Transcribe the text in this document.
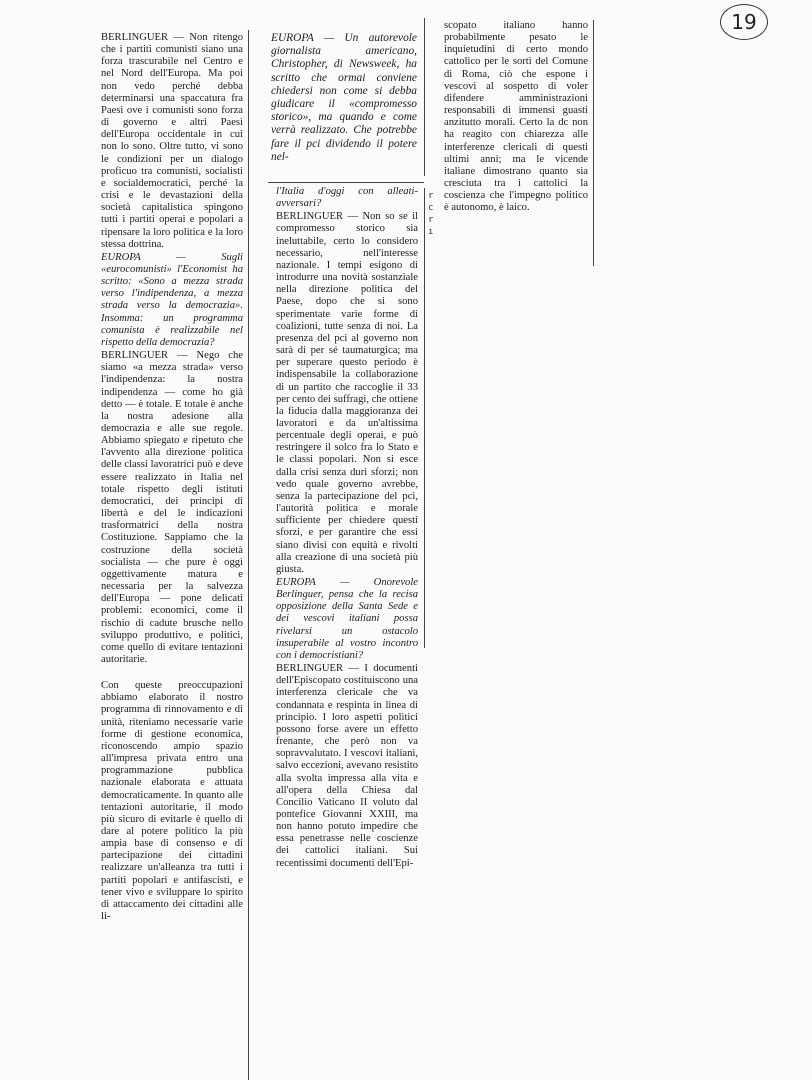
19
r
c
r
ı

BERLINGUER — Non ritengo che i partiti comunisti siano una forza trascurabile nel Centro e nel Nord dell'Europa. Ma poi non vedo perché debba determinarsi una spaccatura fra Paesi ove i comunisti sono forza di governo e altri Paesi dell'Europa occidentale in cui non lo sono. Oltre tutto, vi sono le condizioni per un dialogo proficuo tra comunisti, socialisti e socialdemocratici, perché la crisi e le devastazioni della società capitalistica spingono tutti i partiti operai e popolari a ripensare la loro politica e la loro stessa dottrina.

EUROPA — Sugli «eurocomunisti» l'Economist ha scritto: «Sono a mezza strada verso l'indipendenza, a mezza strada verso la democrazia». Insomma: un programma comunista è realizzabile nel rispetto della democrazia?

BERLINGUER — Nego che siamo «a mezza strada» verso l'indipendenza: la nostra indipendenza — come ho già detto — è totale. E totale è anche la nostra adesione alla democrazia e alle sue regole. Abbiamo spiegato e ripetuto che l'avvento alla direzione politica delle classi lavoratrici può e deve essere realizzato in Italia nel totale rispetto degli istituti democratici, dei principi di libertà e del le indicazioni trasformatrici della nostra Costituzione. Sappiamo che la costruzione della società socialista — che pure è oggi oggettivamente matura e necessaria per la salvezza dell'Europa — pone delicati problemi: economici, come il rischio di cadute brusche nello sviluppo produttivo, e politici, come quello di evitare tentazioni autoritarie.

Con queste preoccupazioni abbiamo elaborato il nostro programma di rinnovamento e di unità, riteniamo necessarie varie forme di gestione economica, riconoscendo ampio spazio all'impresa privata entro una programmazione pubblica nazionale elaborata e attuata democraticamente. In quanto alle tentazioni autoritarie, il modo più sicuro di evitarle è quello di dare al potere politico la più ampia base di consenso e di partecipazione dei cittadini realizzare un'alleanza tra tutti i partiti popolari e antifascisti, e tener vivo e sviluppare lo spirito di attaccamento dei cittadini alle li-

EUROPA — Un autorevole giornalista americano, Christopher, di Newsweek, ha scritto che ormai conviene chiedersi non come si debba giudicare il «compromesso storico», ma quando e come verrà realizzato. Che potrebbe fare il pci dividendo il potere nel-

l'Italia d'oggi con alleati-avversari?

BERLINGUER — Non so se il compromesso storico sia ineluttabile, certo lo considero necessario, nell'interesse nazionale. I tempi esigono di introdurre una novità sostanziale nella direzione politica del Paese, dopo che si sono sperimentate varie forme di coalizioni, tutte senza di noi. La presenza del pci al governo non sarà di per sé taumaturgica; ma per superare questo periodo è indispensabile la collaborazione di un partito che raccoglie il 33 per cento dei suffragi, che ottiene la fiducia dalla maggioranza dei lavoratori e da un'altissima percentuale degli operai, e può restringere il solco fra lo Stato e le classi popolari. Non si esce dalla crisi senza duri sforzi; non vedo quale governo avrebbe, senza la partecipazione del pci, l'autorità politica e morale sufficiente per chiedere questi sforzi, e per garantire che essi siano divisi con equità e rivolti alla creazione di una società più giusta.

EUROPA — Onorevole Berlinguer, pensa che la recisa opposizione della Santa Sede e dei vescovi italiani possa rivelarsi un ostacolo insuperabile al vostro incontro con i democristiani?

BERLINGUER — I documenti dell'Episcopato costituiscono una interferenza clericale che va condannata e respinta in linea di principio. I loro aspetti politici possono forse avere un effetto frenante, che però non va sopravvalutato. I vescovi italiani, salvo eccezioni, avevano resistito alla svolta impressa alla vita e all'opera della Chiesa dal Concilio Vaticano II voluto dal pontefice Giovanni XXIII, ma non hanno potuto impedire che essa penetrasse nelle coscienze dei cattolici italiani. Sui recentissimi documenti dell'Epi-

scopato italiano hanno probabilmente pesato le inquietudini di certo mondo cattolico per le sorti del Comune di Roma, ciò che espone i vescovi al sospetto di voler difendere amministrazioni responsabili di immensi guasti anzitutto morali. Certo la dc non ha reagito con chiarezza alle interferenze clericali di questi ultimi anni; ma le vicende italiane dimostrano quanto sia cresciuta tra i cattolici la coscienza che l'impegno politico è autonomo, è laico.
